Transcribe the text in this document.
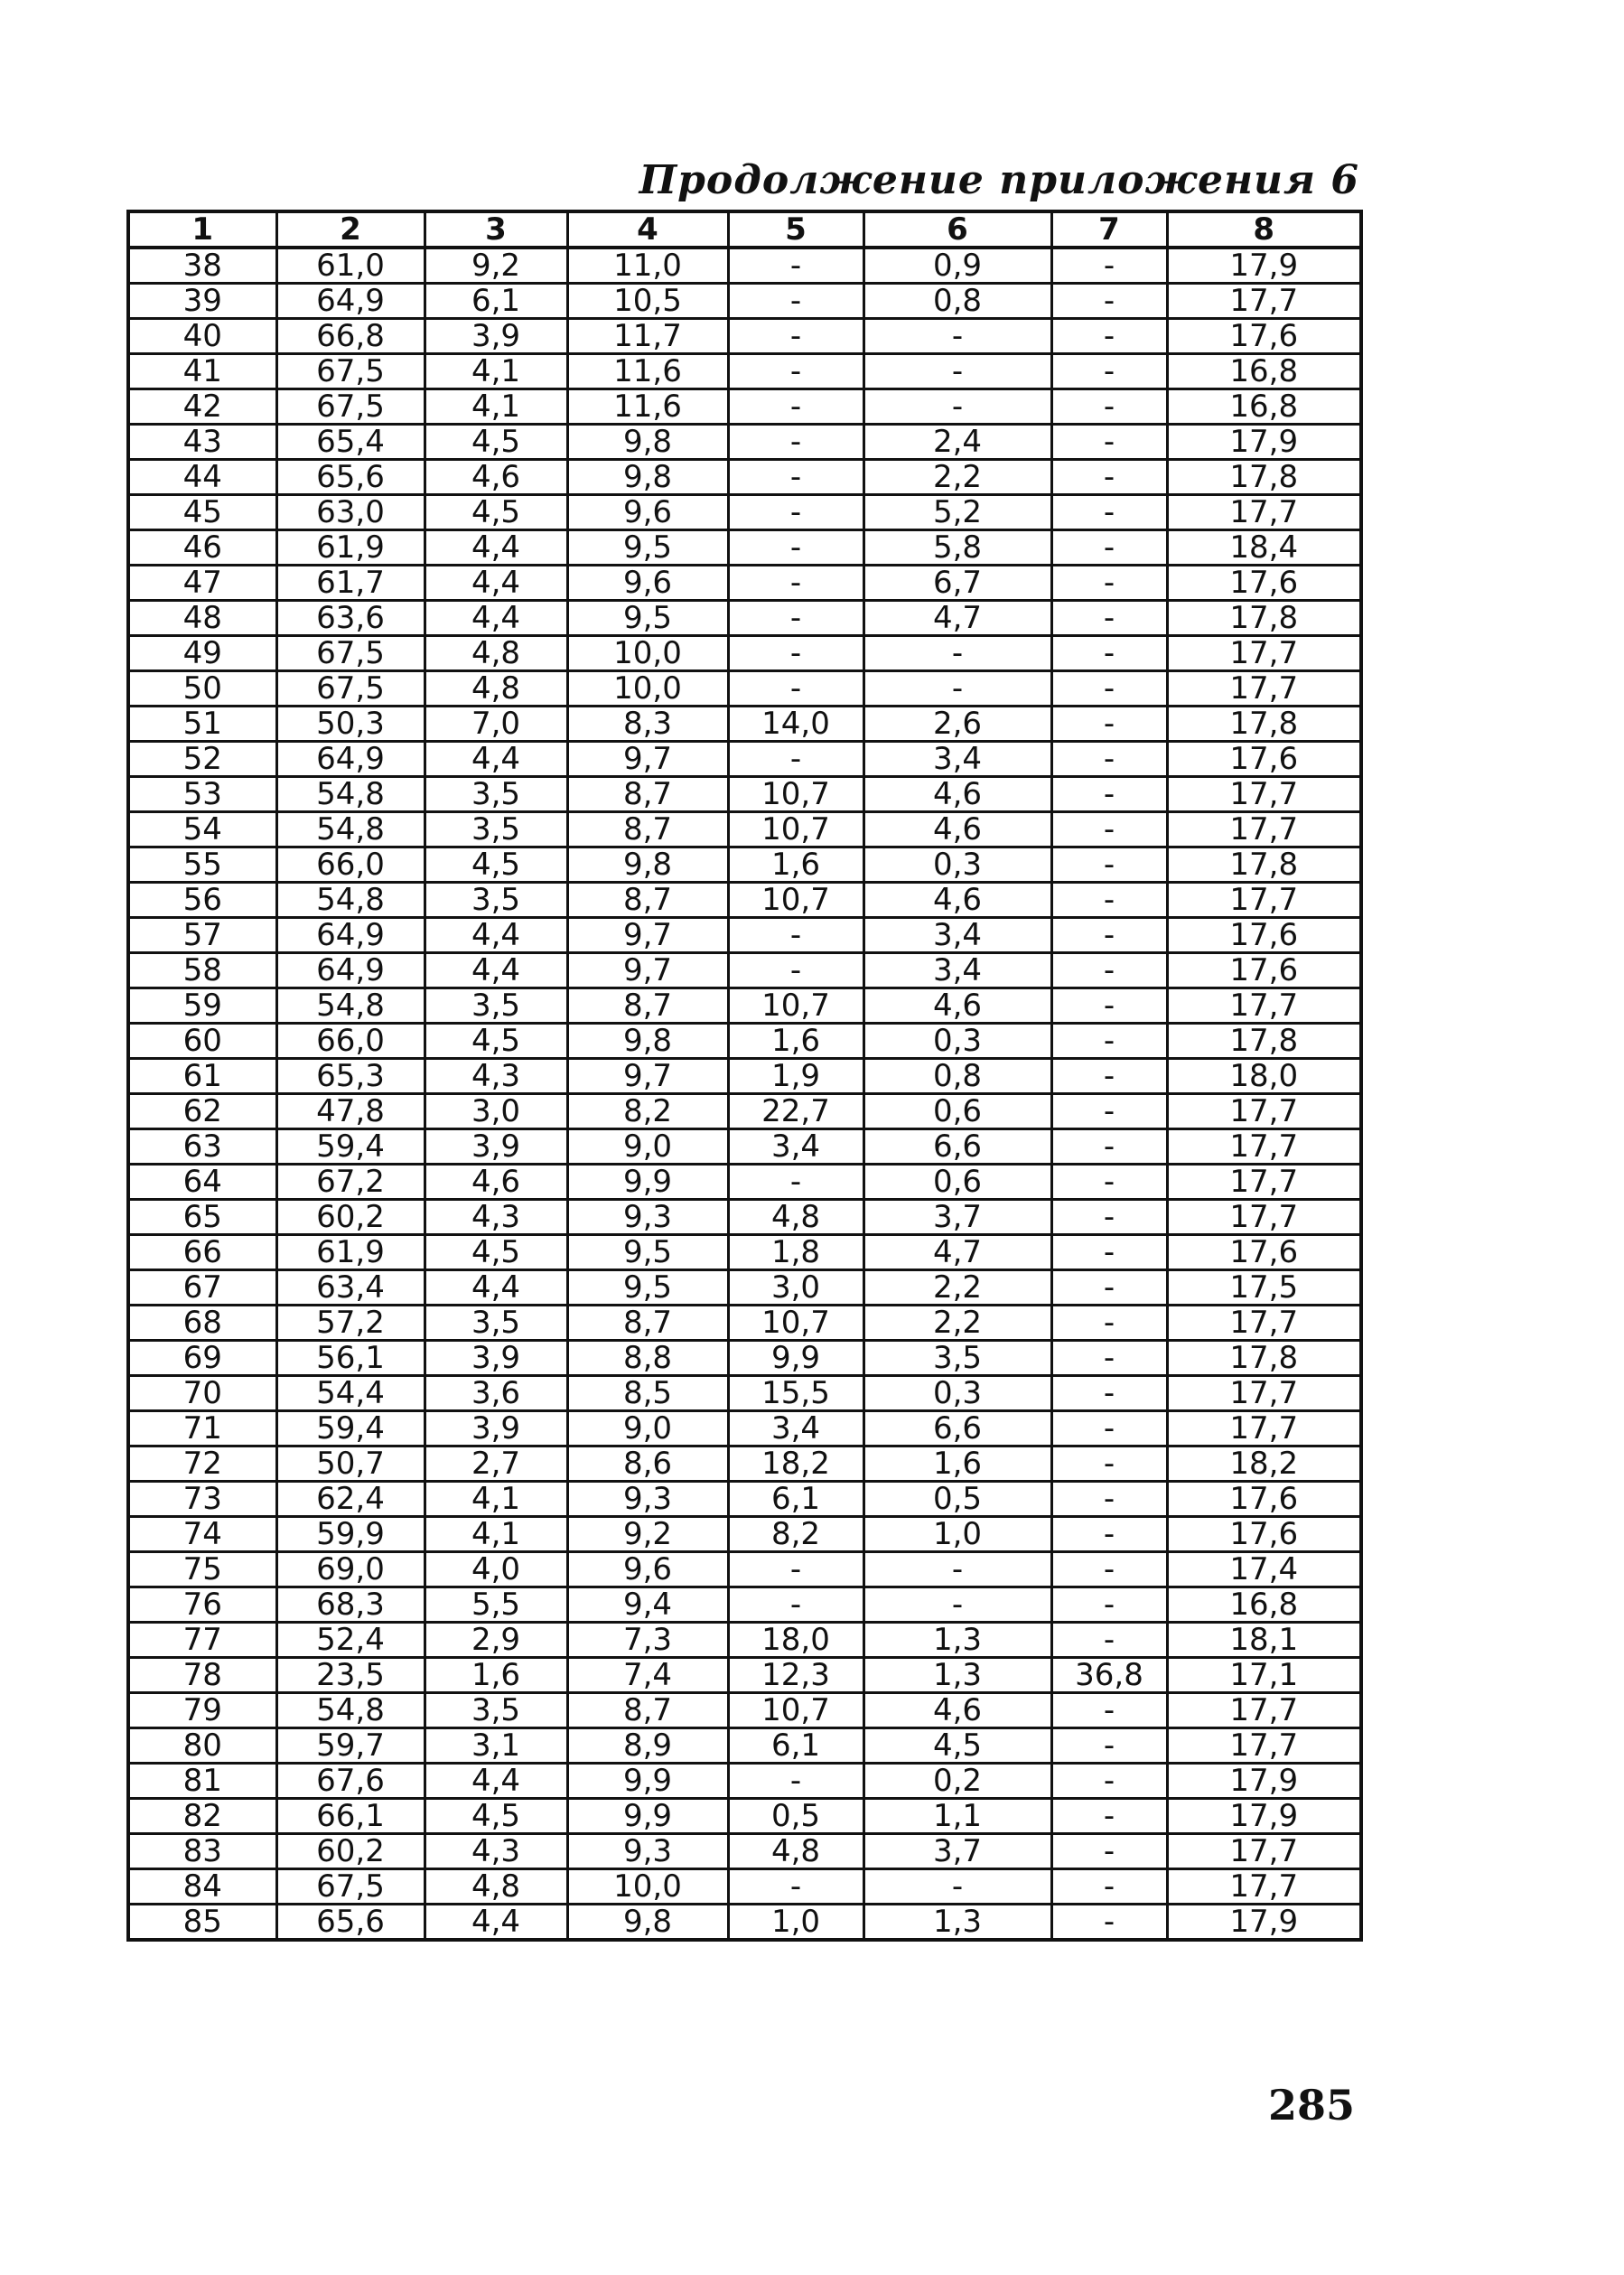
Продолжение приложения 6
1	2	3	4	5	6	7	8
38	61,0	9,2	11,0	-	0,9	-	17,9
39	64,9	6,1	10,5	-	0,8	-	17,7
40	66,8	3,9	11,7	-	-	-	17,6
41	67,5	4,1	11,6	-	-	-	16,8
42	67,5	4,1	11,6	-	-	-	16,8
43	65,4	4,5	9,8	-	2,4	-	17,9
44	65,6	4,6	9,8	-	2,2	-	17,8
45	63,0	4,5	9,6	-	5,2	-	17,7
46	61,9	4,4	9,5	-	5,8	-	18,4
47	61,7	4,4	9,6	-	6,7	-	17,6
48	63,6	4,4	9,5	-	4,7	-	17,8
49	67,5	4,8	10,0	-	-	-	17,7
50	67,5	4,8	10,0	-	-	-	17,7
51	50,3	7,0	8,3	14,0	2,6	-	17,8
52	64,9	4,4	9,7	-	3,4	-	17,6
53	54,8	3,5	8,7	10,7	4,6	-	17,7
54	54,8	3,5	8,7	10,7	4,6	-	17,7
55	66,0	4,5	9,8	1,6	0,3	-	17,8
56	54,8	3,5	8,7	10,7	4,6	-	17,7
57	64,9	4,4	9,7	-	3,4	-	17,6
58	64,9	4,4	9,7	-	3,4	-	17,6
59	54,8	3,5	8,7	10,7	4,6	-	17,7
60	66,0	4,5	9,8	1,6	0,3	-	17,8
61	65,3	4,3	9,7	1,9	0,8	-	18,0
62	47,8	3,0	8,2	22,7	0,6	-	17,7
63	59,4	3,9	9,0	3,4	6,6	-	17,7
64	67,2	4,6	9,9	-	0,6	-	17,7
65	60,2	4,3	9,3	4,8	3,7	-	17,7
66	61,9	4,5	9,5	1,8	4,7	-	17,6
67	63,4	4,4	9,5	3,0	2,2	-	17,5
68	57,2	3,5	8,7	10,7	2,2	-	17,7
69	56,1	3,9	8,8	9,9	3,5	-	17,8
70	54,4	3,6	8,5	15,5	0,3	-	17,7
71	59,4	3,9	9,0	3,4	6,6	-	17,7
72	50,7	2,7	8,6	18,2	1,6	-	18,2
73	62,4	4,1	9,3	6,1	0,5	-	17,6
74	59,9	4,1	9,2	8,2	1,0	-	17,6
75	69,0	4,0	9,6	-	-	-	17,4
76	68,3	5,5	9,4	-	-	-	16,8
77	52,4	2,9	7,3	18,0	1,3	-	18,1
78	23,5	1,6	7,4	12,3	1,3	36,8	17,1
79	54,8	3,5	8,7	10,7	4,6	-	17,7
80	59,7	3,1	8,9	6,1	4,5	-	17,7
81	67,6	4,4	9,9	-	0,2	-	17,9
82	66,1	4,5	9,9	0,5	1,1	-	17,9
83	60,2	4,3	9,3	4,8	3,7	-	17,7
84	67,5	4,8	10,0	-	-	-	17,7
85	65,6	4,4	9,8	1,0	1,3	-	17,9
285
